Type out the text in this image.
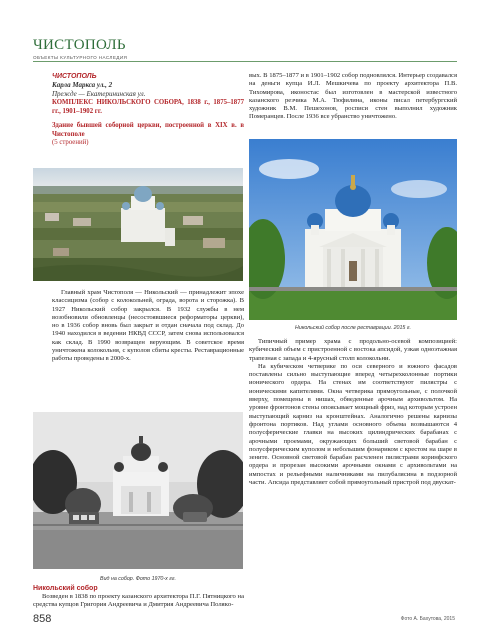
ЧИСТОПОЛЬ
ОБЪЕКТЫ КУЛЬТУРНОГО НАСЛЕДИЯ
ЧИСТОПОЛЬ
Карла Маркса ул., 2
Прежде — Екатерининская ул.
КОМПЛЕКС НИКОЛЬСКОГО СОБОРА, 1838 г., 1875–1877 гг., 1901–1902 гг.
Здание бывшей соборной церкви, построенной в XIX в. в Чистополе
(5 строений)

Главный храм Чистополя — Никольский — принадлежит эпохе классицизма (собор с колокольней, ограда, ворота и сторожка). В 1927 Никольский собор закрылся. В 1932 службы в нем возобновили обновленцы (несостоявшиеся реформаторы церкви), но в 1936 собор вновь был закрыт и отдан сначала под склад. До 1940 находился в ведении НКВД СССР, затем снова использовался как склад. В 1990 возвращен верующим. В советское время уничтожена колокольня, с куполов сбиты кресты. Реставрационные работы проведены в 2000-х.

Вид на собор. Фото 1970-х гг.
Никольский собор

Возведен в 1838 по проекту казанского архитектора П.Г. Пятницкого на средства купцов Григория Андреевича и Дмитрия Андреевича Полякo-

вых. В 1875–1877 и в 1901–1902 собор подновлялся. Интерьер создавался на деньги купца И.Л. Мешкичева по проекту архитектора П.В. Тихомирова, иконостас был изготовлен в мастерской известного казанского резчика М.А. Тюфилина, иконы писал петербургский художник В.М. Пешехонов, росписи стен выполнил художник Померанцев. После 1936 все убранство уничтожено.

Никольский собор после реставрации. 2015 г.

Типичный пример храма с продольно-осевой композицией: кубический объем с пристроенной с востока апсидой, узкая одноэтажная трапезная с запада и 4-ярусный столп колокольни.

На кубическом четверике по оси северного и южного фасадов поставлены сильно выступающие вперед четырехколонные портики ионического ордера. На стенах им соответствуют пилястры с ионическими капителями. Окна четверика прямоугольные, с полочкой вверху, помещены в нишах, обведенные арочным архивольтом. На уровне фронтонов стены опоясывает мощный фриз, над которым устроен выступающий карниз на кронштейнах. Аналогично решены карнизы фронтона портиков. Над углами основного объема возвышаются 4 полусферические главки на высоких цилиндрических барабанах с арочными проемами, окружающих больший световой барабан с полусферическим куполом и небольшим фонариком с крестом на шаре в зените. Основной световой барабан расчленен пилястрами коринфского ордера и прорезан высокими арочными окнами с архивольтами на импостах и рельефными наличниками на пилубалясина в подзорной части. Апсида представляет собой прямоугольный пристрой под двускат-

858	Фото А. Бахутова, 2015
